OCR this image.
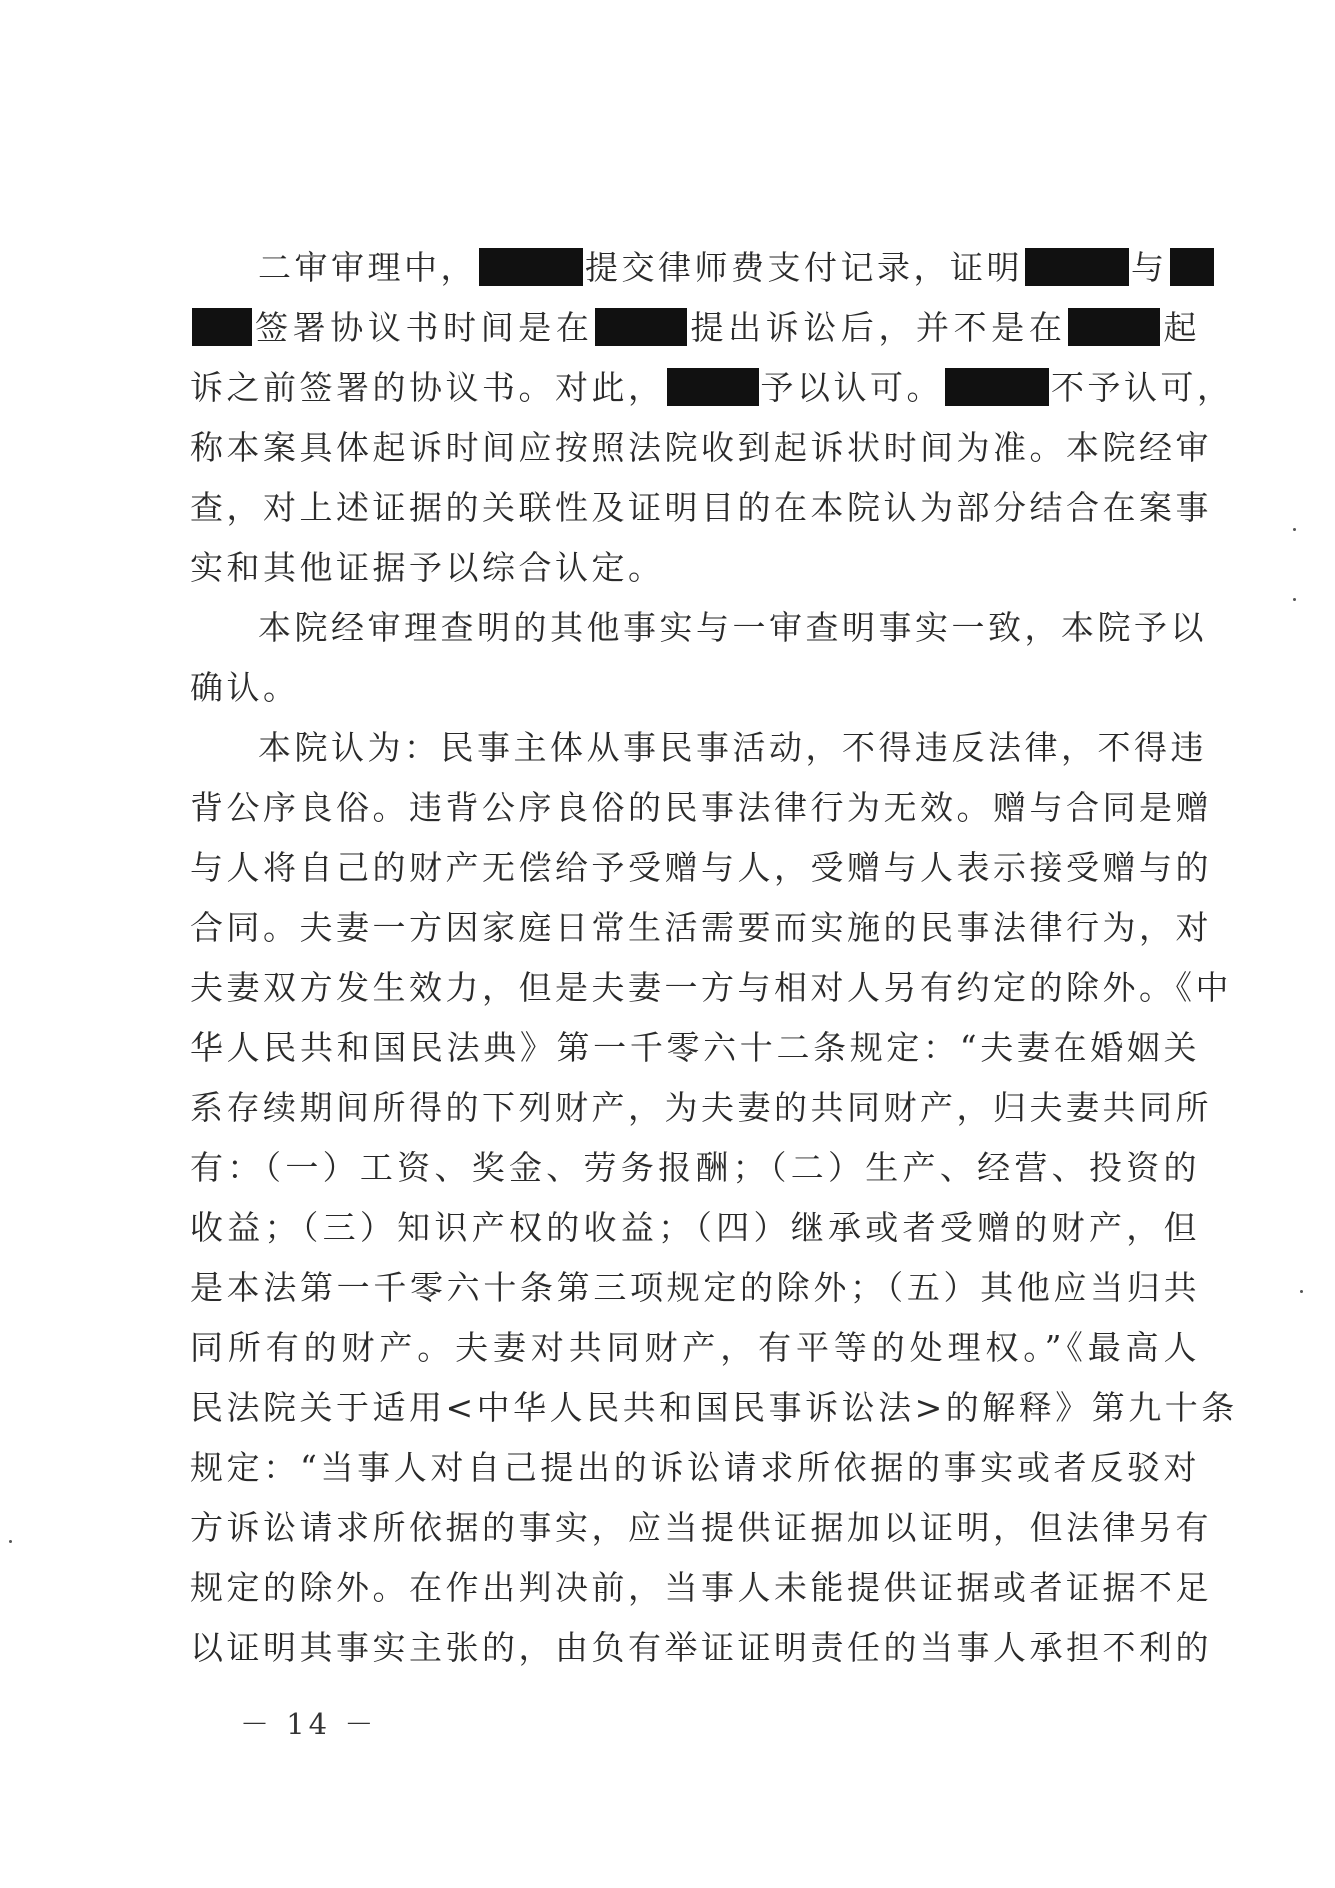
二审审理中，	提交律师费支付记录，证明	与
签署协议书时间是在	提出诉讼后，并不是在	起
诉之前签署的协议书。对此，	予以认可。	不予认可，
称本案具体起诉时间应按照法院收到起诉状时间为准。本院经审
查，对上述证据的关联性及证明目的在本院认为部分结合在案事
实和其他证据予以综合认定。
本院经审理查明的其他事实与一审查明事实一致，本院予以
确认。
本院认为：民事主体从事民事活动，不得违反法律，不得违
背公序良俗。违背公序良俗的民事法律行为无效。赠与合同是赠
与人将自己的财产无偿给予受赠与人，受赠与人表示接受赠与的
合同。夫妻一方因家庭日常生活需要而实施的民事法律行为，对
夫妻双方发生效力，但是夫妻一方与相对人另有约定的除外。《中
华人民共和国民法典》第一千零六十二条规定：“夫妻在婚姻关
系存续期间所得的下列财产，为夫妻的共同财产，归夫妻共同所
有：（一）工资、奖金、劳务报酬；（二）生产、经营、投资的
收益；（三）知识产权的收益；（四）继承或者受赠的财产，但
是本法第一千零六十条第三项规定的除外；（五）其他应当归共
同所有的财产。夫妻对共同财产，有平等的处理权。”《最高人
民法院关于适用<中华人民共和国民事诉讼法>的解释》第九十条
规定：“当事人对自己提出的诉讼请求所依据的事实或者反驳对
方诉讼请求所依据的事实，应当提供证据加以证明，但法律另有
规定的除外。在作出判决前，当事人未能提供证据或者证据不足
以证明其事实主张的，由负有举证证明责任的当事人承担不利的
－ 14 －
